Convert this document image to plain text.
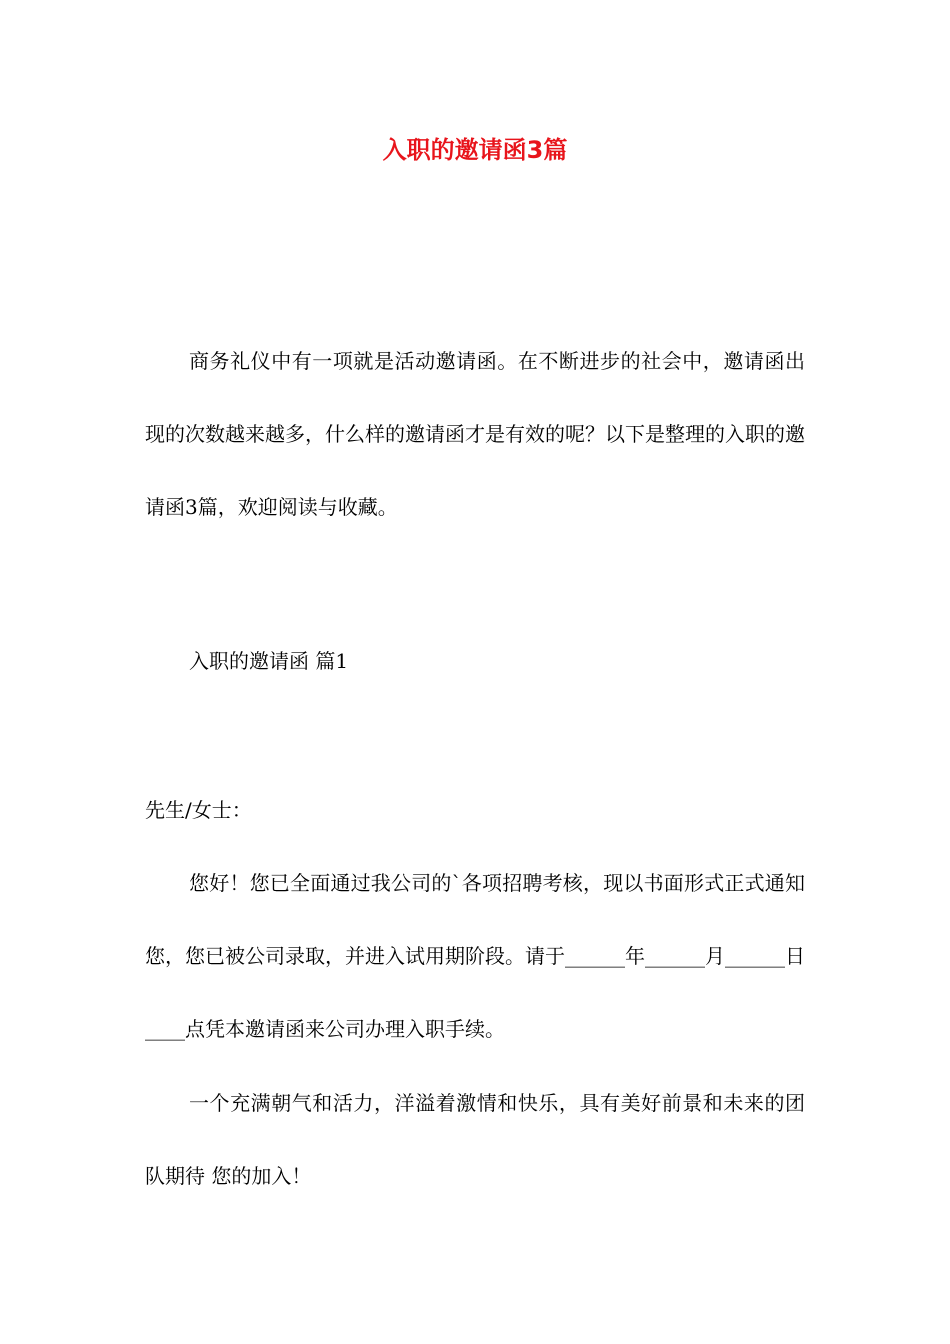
入职的邀请函3篇

商务礼仪中有一项就是活动邀请函。在不断进步的社会中，邀请函出现的次数越来越多，什么样的邀请函才是有效的呢？以下是整理的入职的邀请函3篇，欢迎阅读与收藏。

入职的邀请函 篇1

先生/女士：

您好！您已全面通过我公司的`各项招聘考核，现以书面形式正式通知您，您已被公司录取，并进入试用期阶段。请于______年______月______日____点凭本邀请函来公司办理入职手续。

一个充满朝气和活力，洋溢着激情和快乐，具有美好前景和未来的团队期待 您的加入！
